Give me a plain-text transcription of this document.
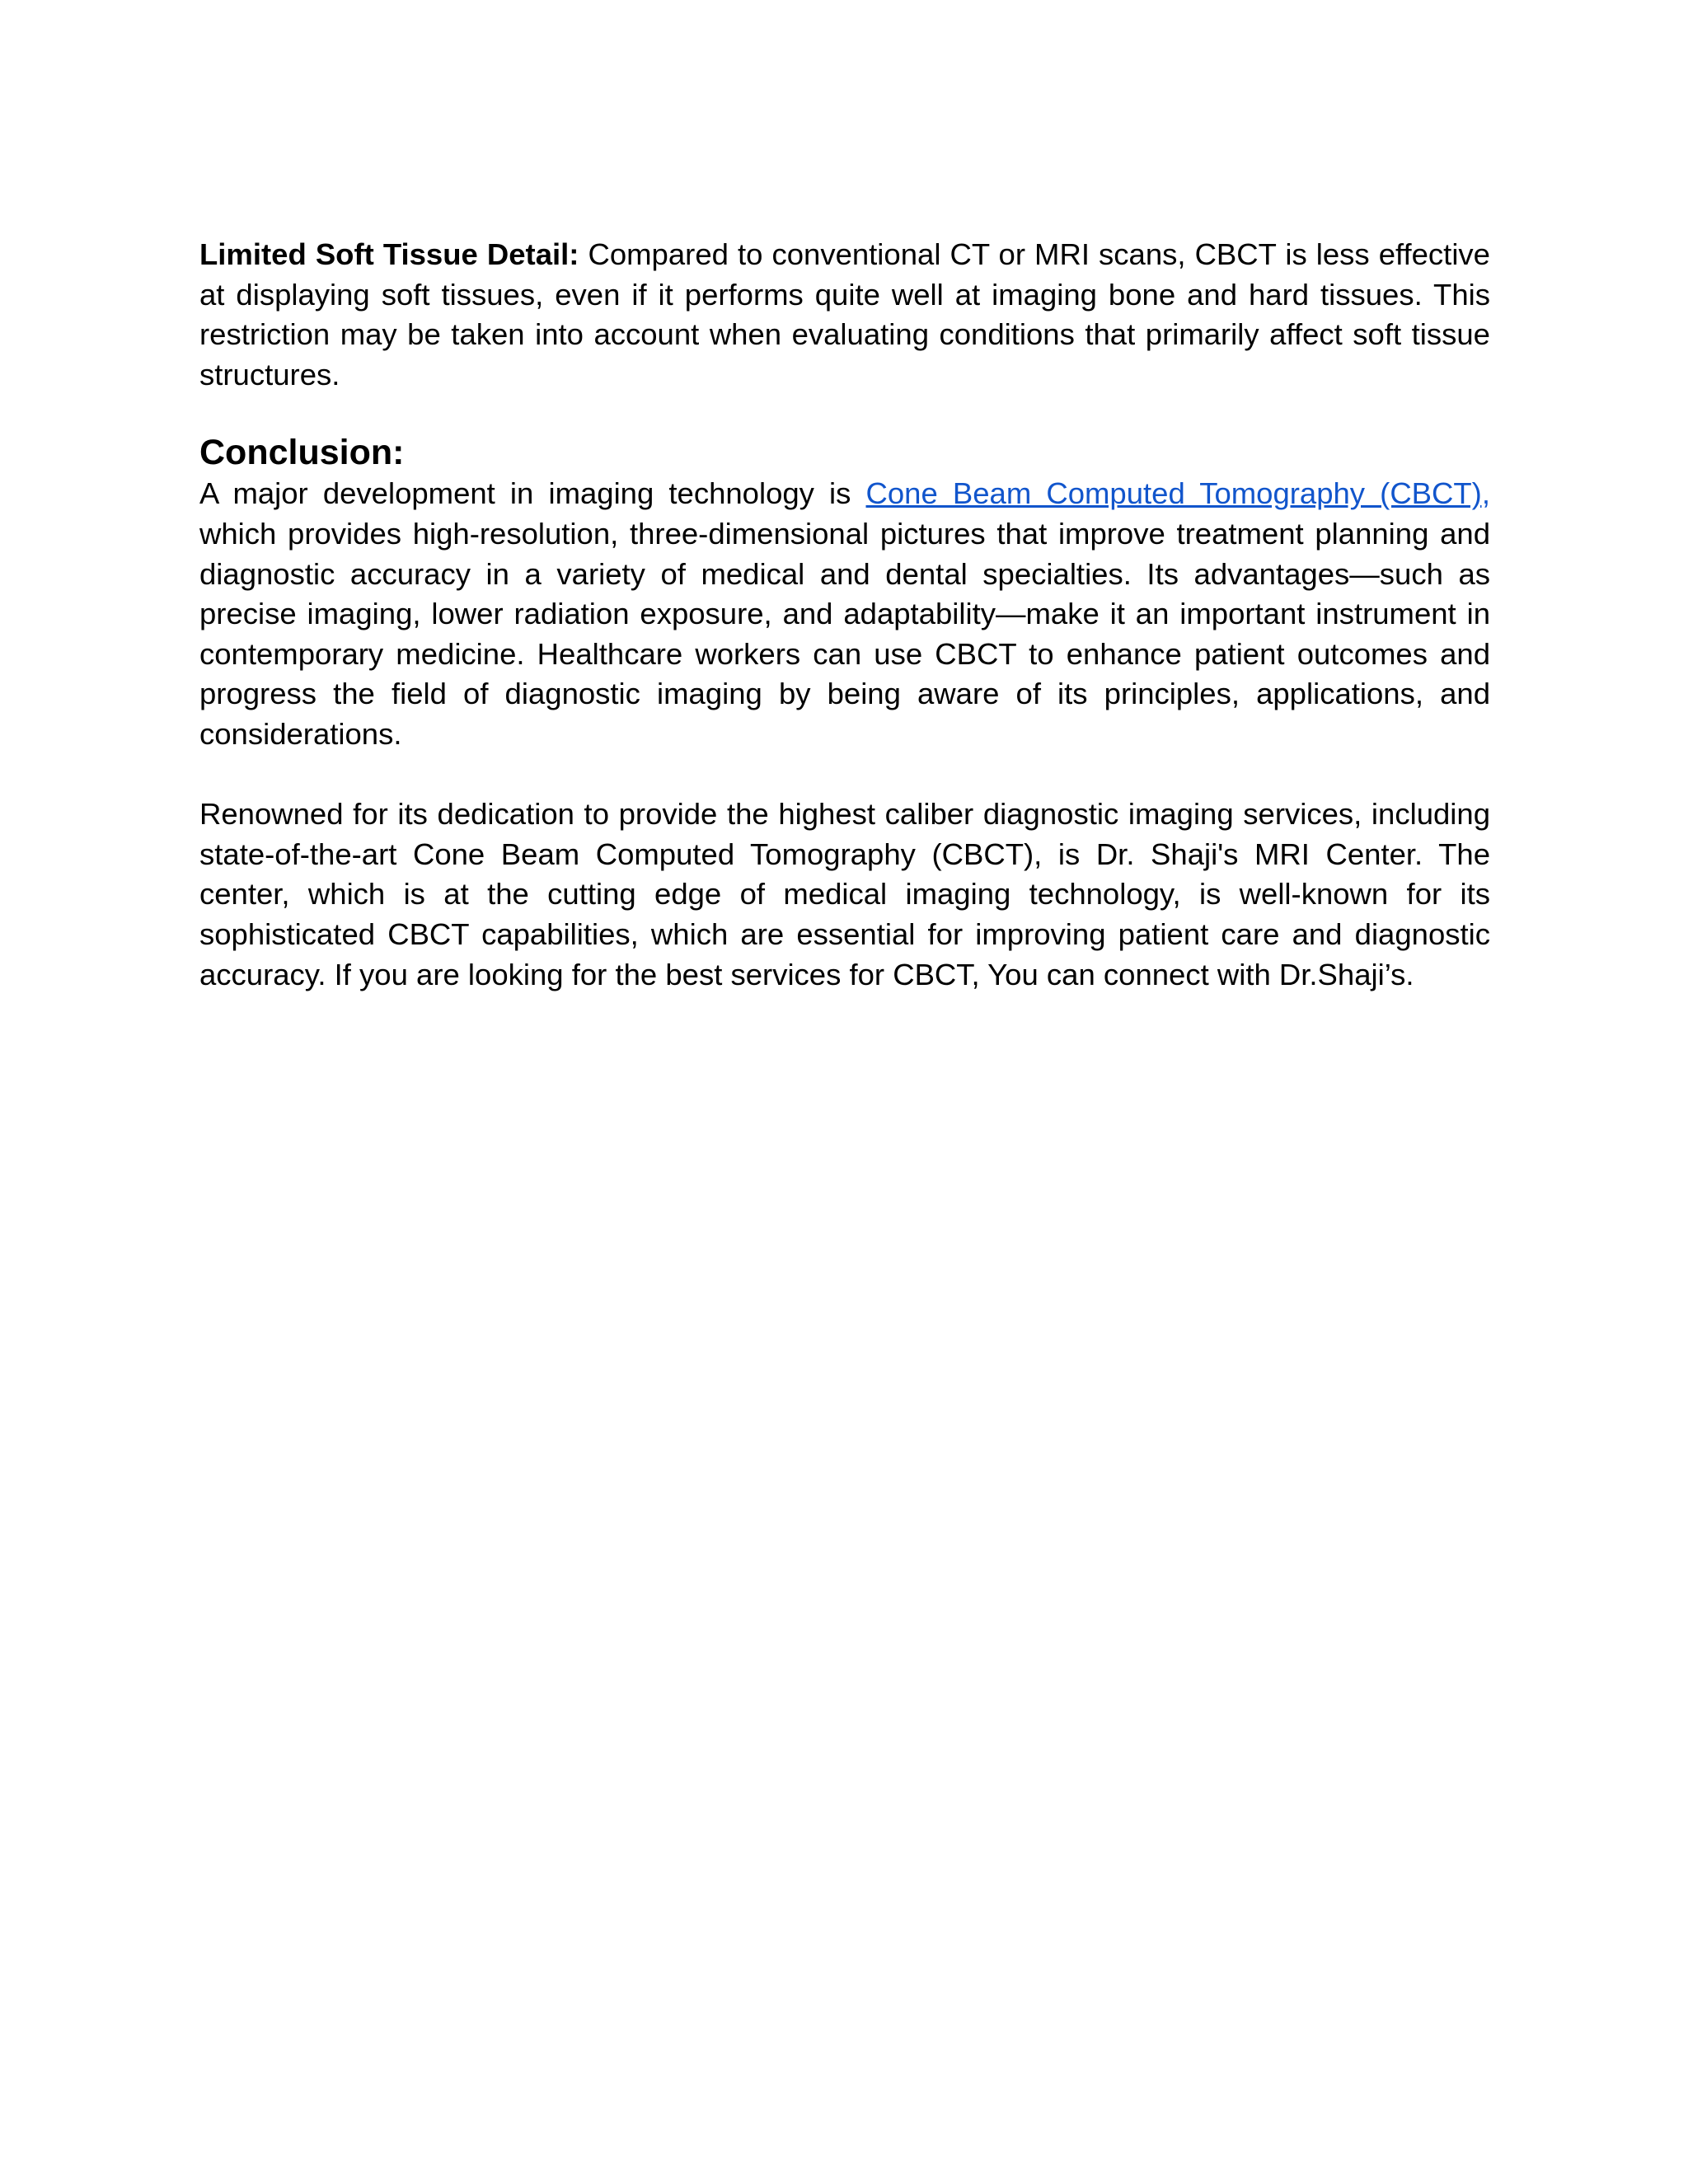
Limited Soft Tissue Detail: Compared to conventional CT or MRI scans, CBCT is less effective at displaying soft tissues, even if it performs quite well at imaging bone and hard tissues. This restriction may be taken into account when evaluating conditions that primarily affect soft tissue structures.

Conclusion:

A major development in imaging technology is Cone Beam Computed Tomography (CBCT), which provides high-resolution, three-dimensional pictures that improve treatment planning and diagnostic accuracy in a variety of medical and dental specialties. Its advantages—such as precise imaging, lower radiation exposure, and adaptability—make it an important instrument in contemporary medicine. Healthcare workers can use CBCT to enhance patient outcomes and progress the field of diagnostic imaging by being aware of its principles, applications, and considerations.

Renowned for its dedication to provide the highest caliber diagnostic imaging services, including state-of-the-art Cone Beam Computed Tomography (CBCT), is Dr. Shaji's MRI Center. The center, which is at the cutting edge of medical imaging technology, is well-known for its sophisticated CBCT capabilities, which are essential for improving patient care and diagnostic accuracy. If you are looking for the best services for CBCT, You can connect with Dr.Shaji’s.
